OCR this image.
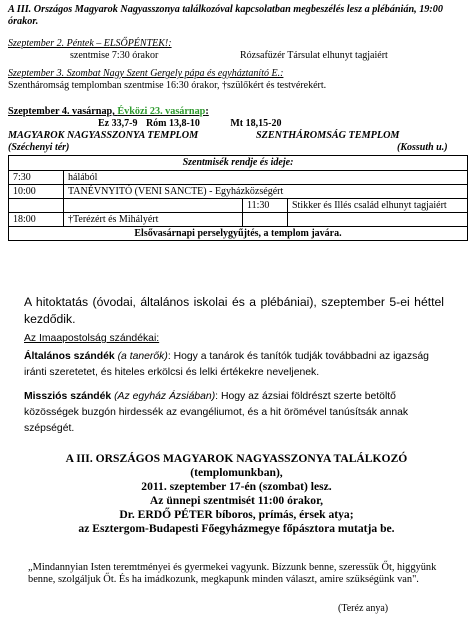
A III. Országos Magyarok Nagyasszonya találkozóval kapcsolatban megbeszélés lesz a plébánián, 19:00 órakor.
Szeptember 2. Péntek – ELSŐPÉNTEK!:
szentmise 7:30 órakor	Rózsafüzér Társulat elhunyt tagjaiért
Szeptember 3. Szombat Nagy Szent Gergely pápa és egyháztanító E.:
Szentháromság templomban szentmise 16:30 órakor, †szülőkért és testvérekért.
Szeptember 4. vasárnap, Évközi 23. vasárnap:
Ez 33,7-9 Róm 13,8-10	Mt 18,15-20
MAGYAROK NAGYASSZONYA TEMPLOM	SZENTHÁROMSÁG TEMPLOM
(Széchenyi tér)	(Kossuth u.)
Szentmisék rendje és ideje:			
7:30	hálából		
10:00	TANÉVNYITÓ (VENI SANCTE) - Egyházközségért		
		11:30	Stikker és Illés család elhunyt tagjaiért
18:00	†Terézért és Mihályért		
Elsővasárnapi perselygyűjtés, a templom javára.			
A hitoktatás (óvodai, általános iskolai és a plébániai), szeptember 5-ei héttel kezdődik.
Az Imaapostolság szándékai:
Általános szándék (a tanerők): Hogy a tanárok és tanítók tudják továbbadni az igazság iránti szeretetet, és hiteles erkölcsi és lelki értékekre neveljenek.
Missziós szándék (Az egyház Ázsiában): Hogy az ázsiai földrészt szerte betöltő közösségek buzgón hirdessék az evangéliumot, és a hit örömével tanúsítsák annak szépségét.
A III. ORSZÁGOS MAGYAROK NAGYASSZONYA TALÁLKOZÓ
(templomunkban),
2011. szeptember 17-én (szombat) lesz.
Az ünnepi szentmisét 11:00 órakor,
Dr. ERDŐ PÉTER bíboros, prímás, érsek atya;
az Esztergom-Budapesti Főegyházmegye főpásztora mutatja be.
„Mindannyian Isten teremtményei és gyermekei vagyunk. Bízzunk benne, szeressük Őt, higgyünk benne, szolgáljuk Őt. És ha imádkozunk, megkapunk minden választ, amire szükségünk van".
(Teréz anya)
